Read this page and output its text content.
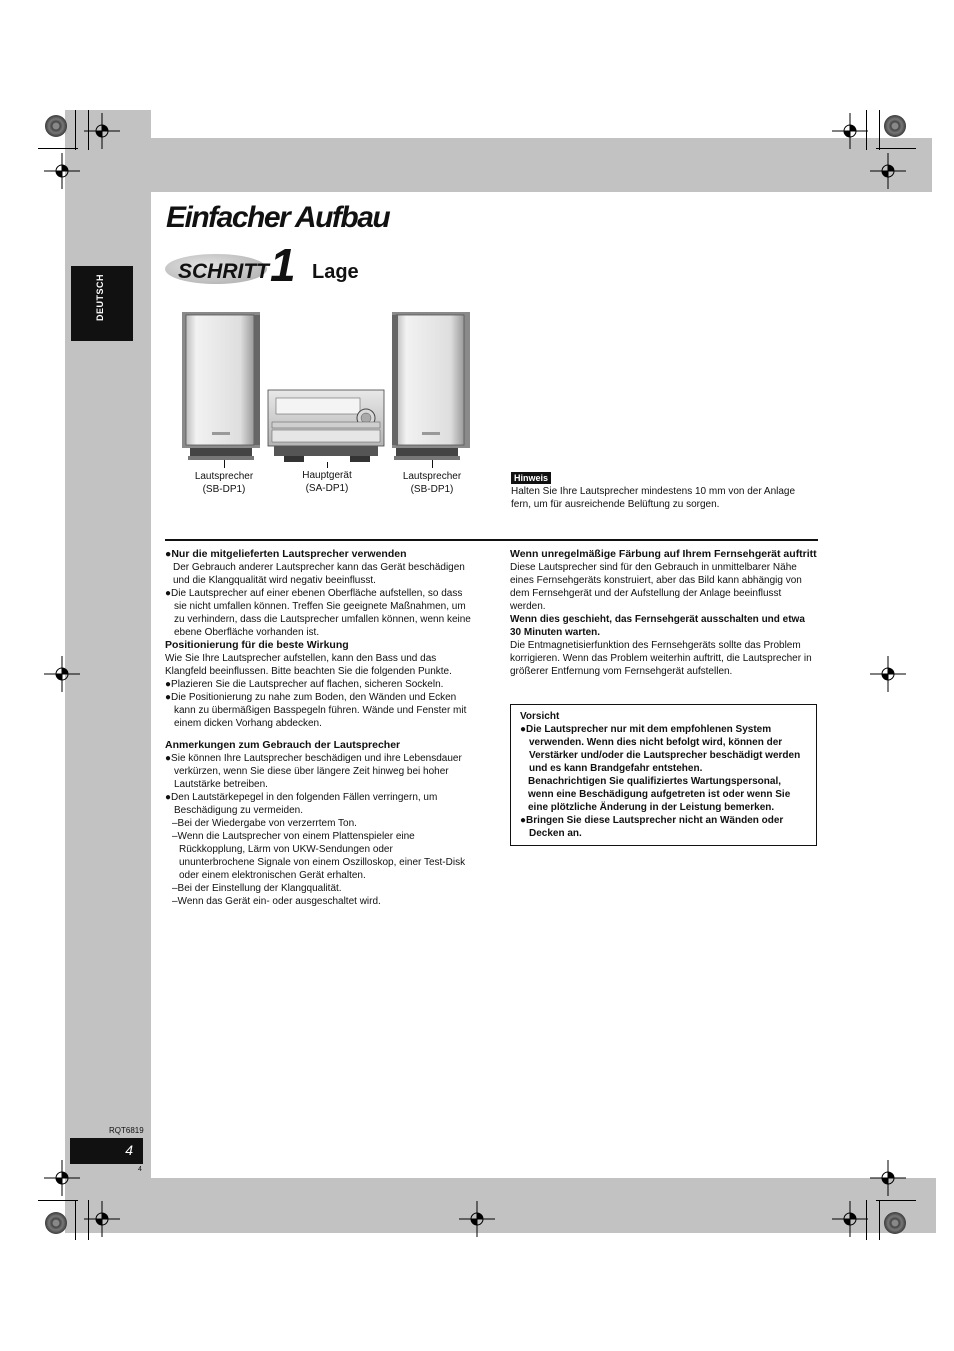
DEUTSCH
Einfacher Aufbau
SCHRITT 1 Lage
Lautsprecher
(SB-DP1)
Hauptgerät
(SA-DP1)
Lautsprecher
(SB-DP1)
Hinweis
Halten Sie Ihre Lautsprecher mindestens 10 mm von der Anlage fern, um für ausreichende Belüftung zu sorgen.

●Nur die mitgelieferten Lautsprecher verwenden

Der Gebrauch anderer Lautsprecher kann das Gerät beschädigen und die Klangqualität wird negativ beeinflusst.

●Die Lautsprecher auf einer ebenen Oberfläche aufstellen, so dass sie nicht umfallen können. Treffen Sie geeignete Maßnahmen, um zu verhindern, dass die Lautsprecher umfallen können, wenn keine ebene Oberfläche vorhanden ist.

Positionierung für die beste Wirkung

Wie Sie Ihre Lautsprecher aufstellen, kann den Bass und das Klangfeld beeinflussen. Bitte beachten Sie die folgenden Punkte.

●Plazieren Sie die Lautsprecher auf flachen, sicheren Sockeln.

●Die Positionierung zu nahe zum Boden, den Wänden und Ecken kann zu übermäßigen Basspegeln führen. Wände und Fenster mit einem dicken Vorhang abdecken.

Anmerkungen zum Gebrauch der Lautsprecher

●Sie können Ihre Lautsprecher beschädigen und ihre Lebensdauer verkürzen, wenn Sie diese über längere Zeit hinweg bei hoher Lautstärke betreiben.

●Den Lautstärkepegel in den folgenden Fällen verringern, um Beschädigung zu vermeiden.

–Bei der Wiedergabe von verzerrtem Ton.

–Wenn die Lautsprecher von einem Plattenspieler eine Rückkopplung, Lärm von UKW-Sendungen oder ununterbrochene Signale von einem Oszilloskop, einer Test-Disk oder einem elektronischen Gerät erhalten.

–Bei der Einstellung der Klangqualität.

–Wenn das Gerät ein- oder ausgeschaltet wird.

Wenn unregelmäßige Färbung auf Ihrem Fernsehgerät auftritt

Diese Lautsprecher sind für den Gebrauch in unmittelbarer Nähe eines Fernsehgeräts konstruiert, aber das Bild kann abhängig von dem Fernsehgerät und der Aufstellung der Anlage beeinflusst werden.

Wenn dies geschieht, das Fernsehgerät ausschalten und etwa 30 Minuten warten.

Die Entmagnetisierfunktion des Fernsehgeräts sollte das Problem korrigieren. Wenn das Problem weiterhin auftritt, die Lautsprecher in größerer Entfernung vom Fernsehgerät aufstellen.

Vorsicht

●Die Lautsprecher nur mit dem empfohlenen System verwenden. Wenn dies nicht befolgt wird, können der Verstärker und/oder die Lautsprecher beschädigt werden und es kann Brandgefahr entstehen.

Benachrichtigen Sie qualifiziertes Wartungspersonal, wenn eine Beschädigung aufgetreten ist oder wenn Sie eine plötzliche Änderung in der Leistung bemerken.

●Bringen Sie diese Lautsprecher nicht an Wänden oder Decken an.

RQT6819
4
4
